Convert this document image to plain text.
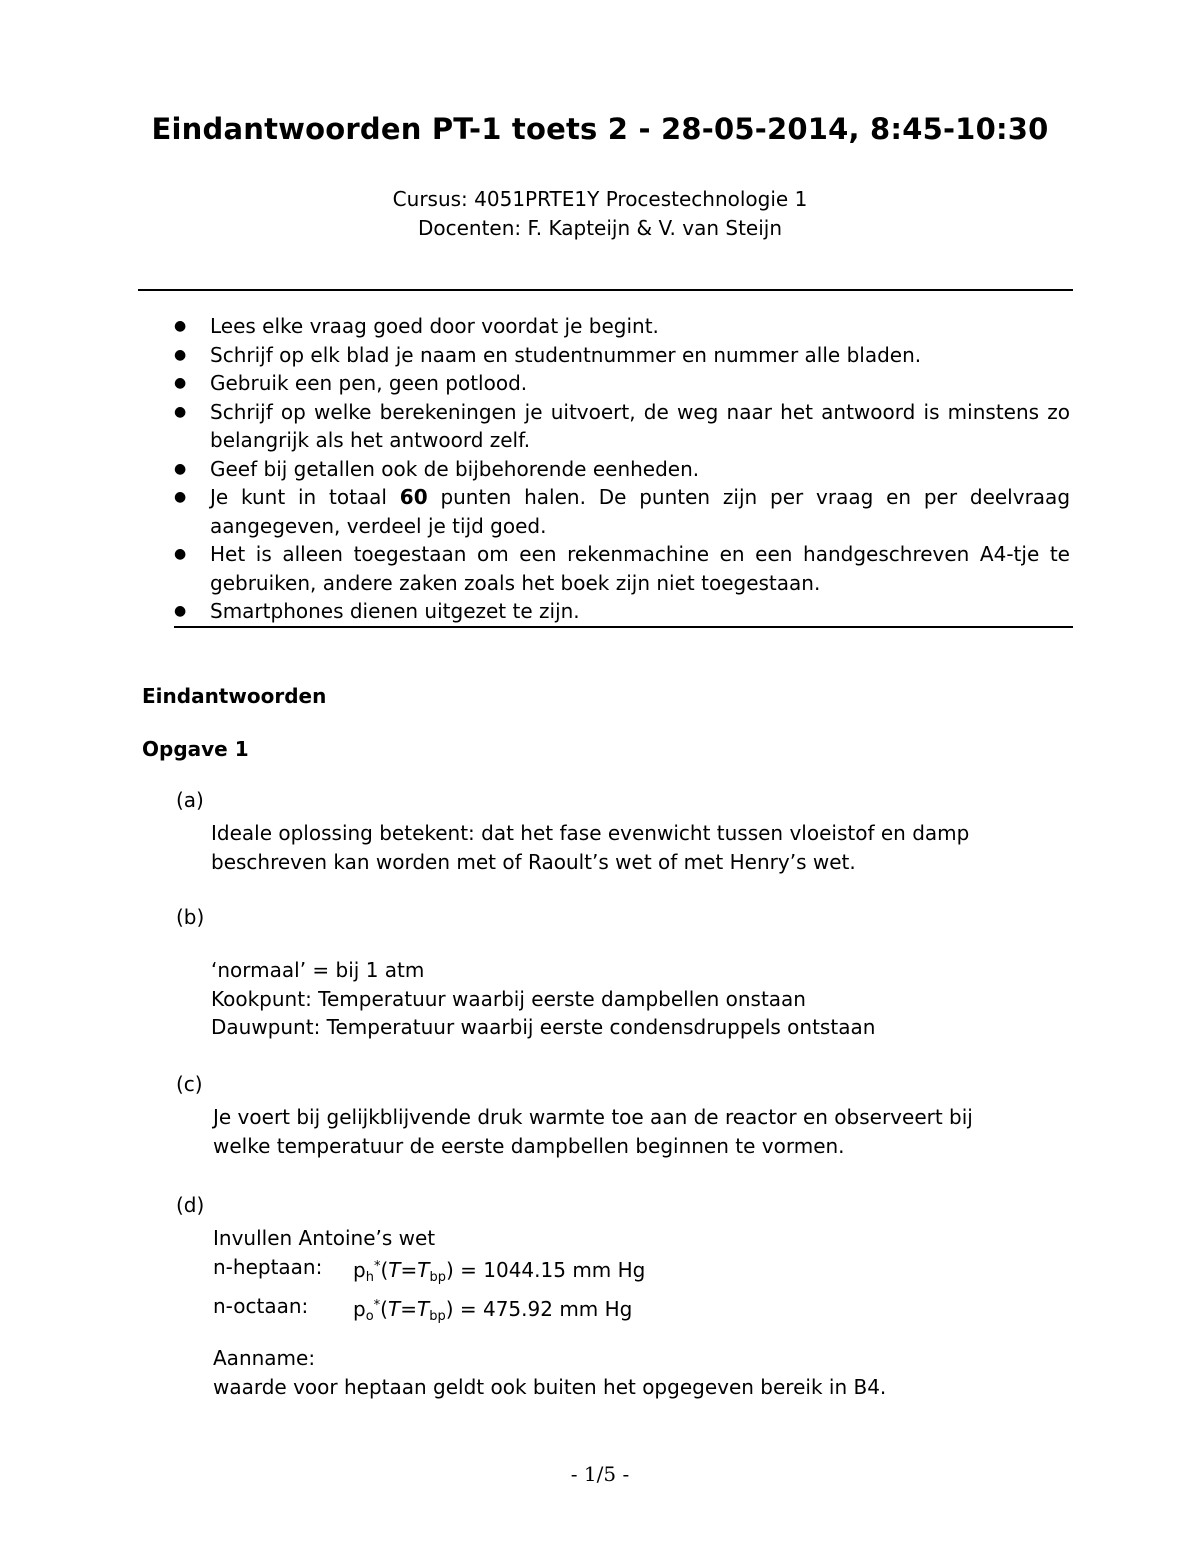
Eindantwoorden PT-1 toets 2 - 28-05-2014, 8:45-10:30
Cursus: 4051PRTE1Y Procestechnologie 1
Docenten: F. Kapteijn & V. van Steijn
● Lees elke vraag goed door voordat je begint.
● Schrijf op elk blad je naam en studentnummer en nummer alle bladen.
● Gebruik een pen, geen potlood.
● Schrijf op welke berekeningen je uitvoert, de weg naar het antwoord is minstens zo belangrijk als het antwoord zelf.
● Geef bij getallen ook de bijbehorende eenheden.
● Je kunt in totaal 60 punten halen. De punten zijn per vraag en per deelvraag aangegeven, verdeel je tijd goed.
● Het is alleen toegestaan om een rekenmachine en een handgeschreven A4-tje te gebruiken, andere zaken zoals het boek zijn niet toegestaan.
● Smartphones dienen uitgezet te zijn.
Eindantwoorden
Opgave 1
(a)
Ideale oplossing betekent: dat het fase evenwicht tussen vloeistof en damp
beschreven kan worden met of Raoult’s wet of met Henry’s wet.
(b)
‘normaal’ = bij 1 atm
Kookpunt: Temperatuur waarbij eerste dampbellen onstaan
Dauwpunt: Temperatuur waarbij eerste condensdruppels ontstaan
(c)
Je voert bij gelijkblijvende druk warmte toe aan de reactor en observeert bij
welke temperatuur de eerste dampbellen beginnen te vormen.
(d)
Invullen Antoine’s wet
n-heptaan:	$p_h^*(T=T_{bp}) = 1044.15$ mm Hg
n-octaan:	$p_o^*(T=T_{bp}) = 475.92$ mm Hg
Aanname:
waarde voor heptaan geldt ook buiten het opgegeven bereik in B4.
- 1/5 -
